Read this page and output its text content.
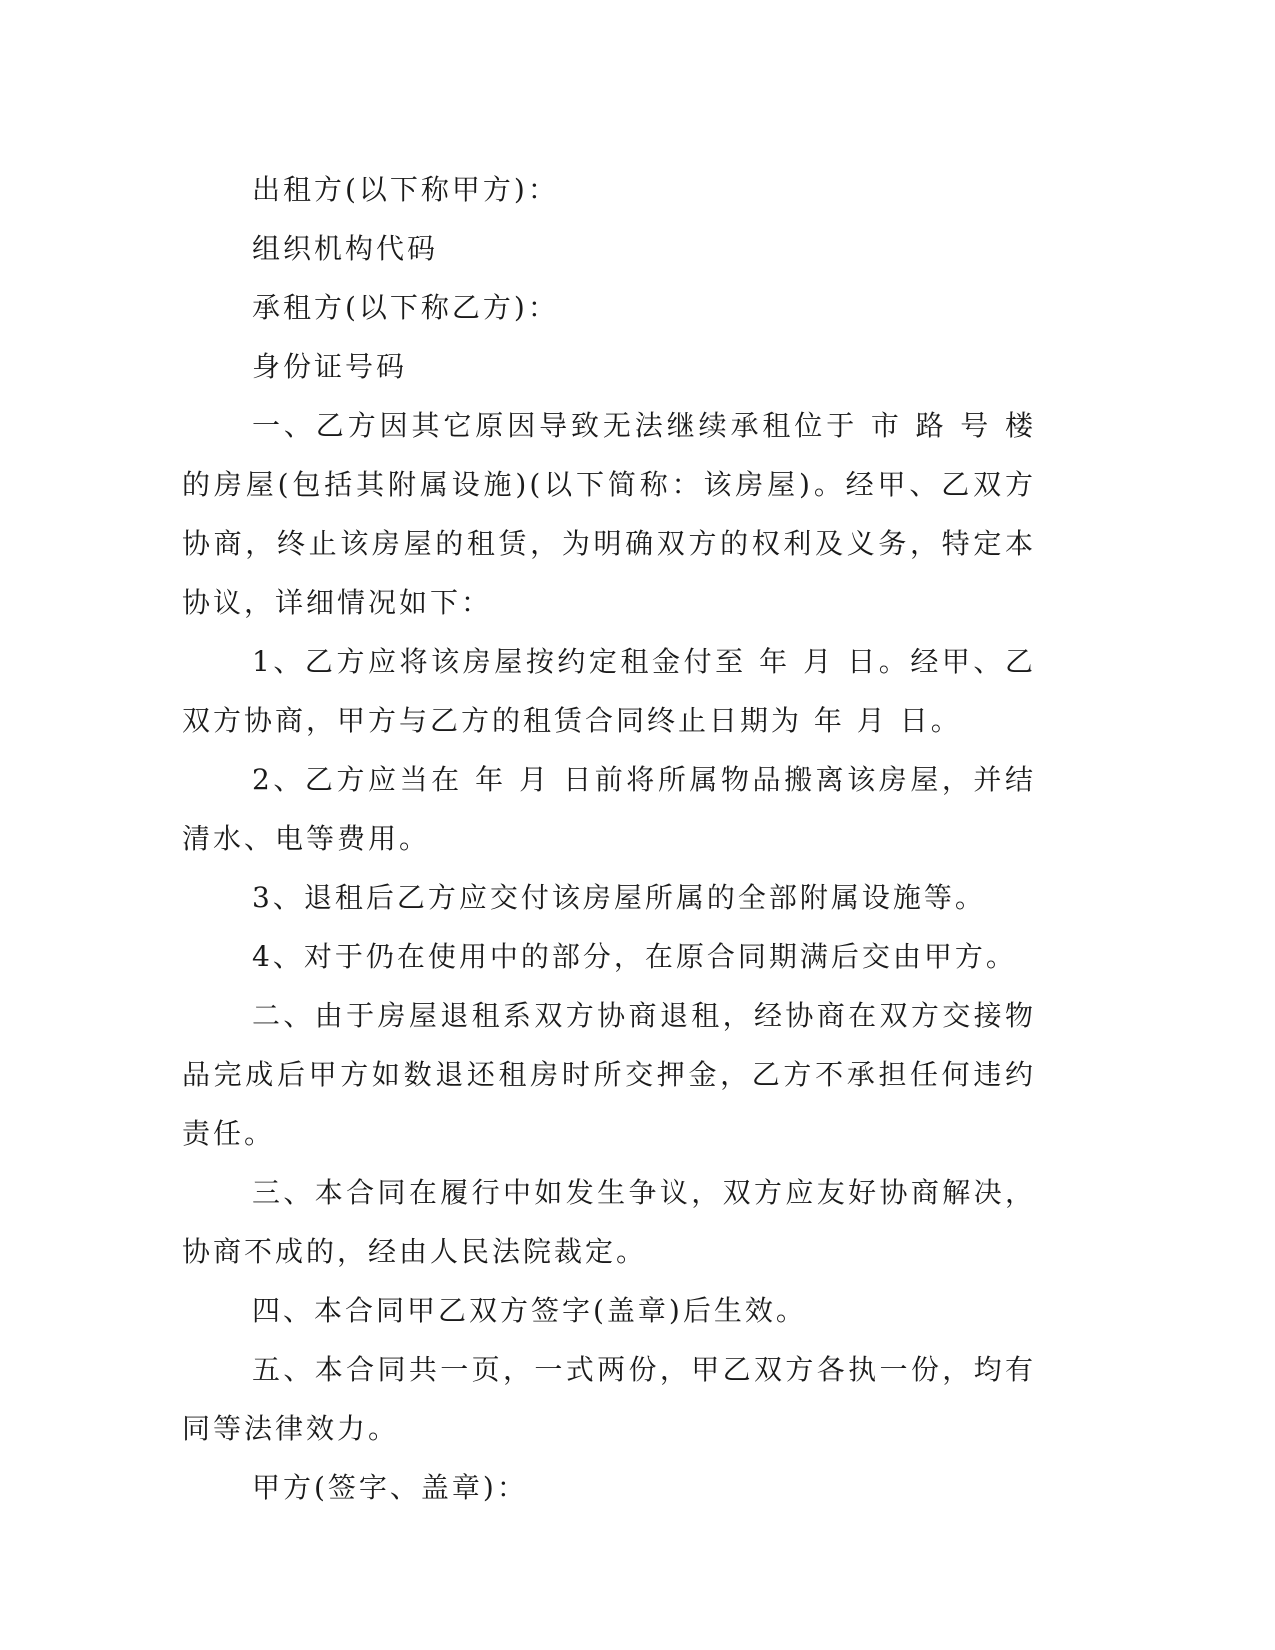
出租方(以下称甲方)：

组织机构代码

承租方(以下称乙方)：

身份证号码

一、乙方因其它原因导致无法继续承租位于 市 路 号 楼的房屋(包括其附属设施)(以下简称：该房屋)。经甲、乙双方协商，终止该房屋的租赁，为明确双方的权利及义务，特定本协议，详细情况如下：

1、乙方应将该房屋按约定租金付至 年 月 日。经甲、乙双方协商，甲方与乙方的租赁合同终止日期为 年 月 日。

2、乙方应当在 年 月 日前将所属物品搬离该房屋，并结清水、电等费用。

3、退租后乙方应交付该房屋所属的全部附属设施等。

4、对于仍在使用中的部分，在原合同期满后交由甲方。

二、由于房屋退租系双方协商退租，经协商在双方交接物品完成后甲方如数退还租房时所交押金，乙方不承担任何违约责任。

三、本合同在履行中如发生争议，双方应友好协商解决，协商不成的，经由人民法院裁定。

四、本合同甲乙双方签字(盖章)后生效。

五、本合同共一页，一式两份，甲乙双方各执一份，均有同等法律效力。

甲方(签字、盖章)：
